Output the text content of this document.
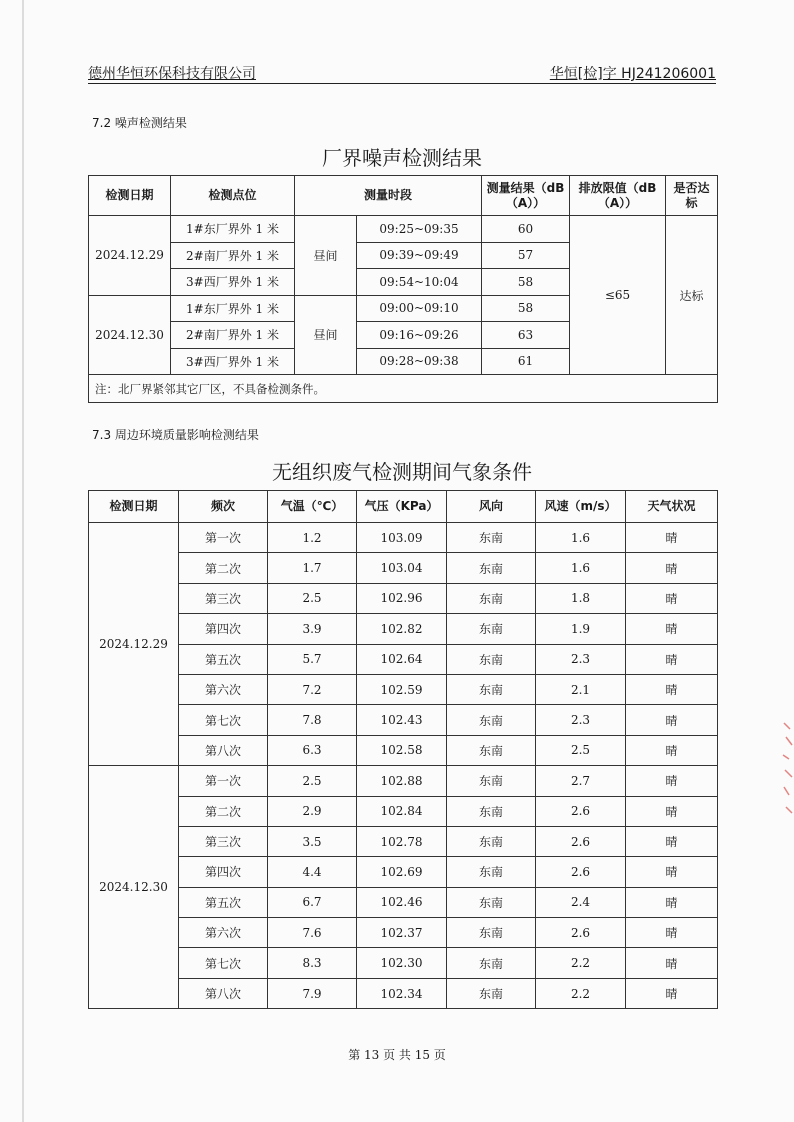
德州华恒环保科技有限公司	华恒[检]字 HJ241206001
7.2 噪声检测结果
厂界噪声检测结果
检测日期	检测点位	测量时段		测量结果（dB（A））	排放限值（dB（A））	是否达标
2024.12.29	1#东厂界外 1 米	昼间	09:25~09:35	60	≤65	达标
	2#南厂界外 1 米		09:39~09:49	57		
	3#西厂界外 1 米		09:54~10:04	58		
2024.12.30	1#东厂界外 1 米	昼间	09:00~09:10	58		
	2#南厂界外 1 米		09:16~09:26	63		
	3#西厂界外 1 米		09:28~09:38	61		
注：北厂界紧邻其它厂区，不具备检测条件。						
7.3 周边环境质量影响检测结果
无组织废气检测期间气象条件
检测日期	频次	气温（℃）	气压（KPa）	风向	风速（m/s）	天气状况
2024.12.29	第一次	1.2	103.09	东南	1.6	晴
	第二次	1.7	103.04	东南	1.6	晴
	第三次	2.5	102.96	东南	1.8	晴
	第四次	3.9	102.82	东南	1.9	晴
	第五次	5.7	102.64	东南	2.3	晴
	第六次	7.2	102.59	东南	2.1	晴
	第七次	7.8	102.43	东南	2.3	晴
	第八次	6.3	102.58	东南	2.5	晴
2024.12.30	第一次	2.5	102.88	东南	2.7	晴
	第二次	2.9	102.84	东南	2.6	晴
	第三次	3.5	102.78	东南	2.6	晴
	第四次	4.4	102.69	东南	2.6	晴
	第五次	6.7	102.46	东南	2.4	晴
	第六次	7.6	102.37	东南	2.6	晴
	第七次	8.3	102.30	东南	2.2	晴
	第八次	7.9	102.34	东南	2.2	晴
第 13 页 共 15 页
